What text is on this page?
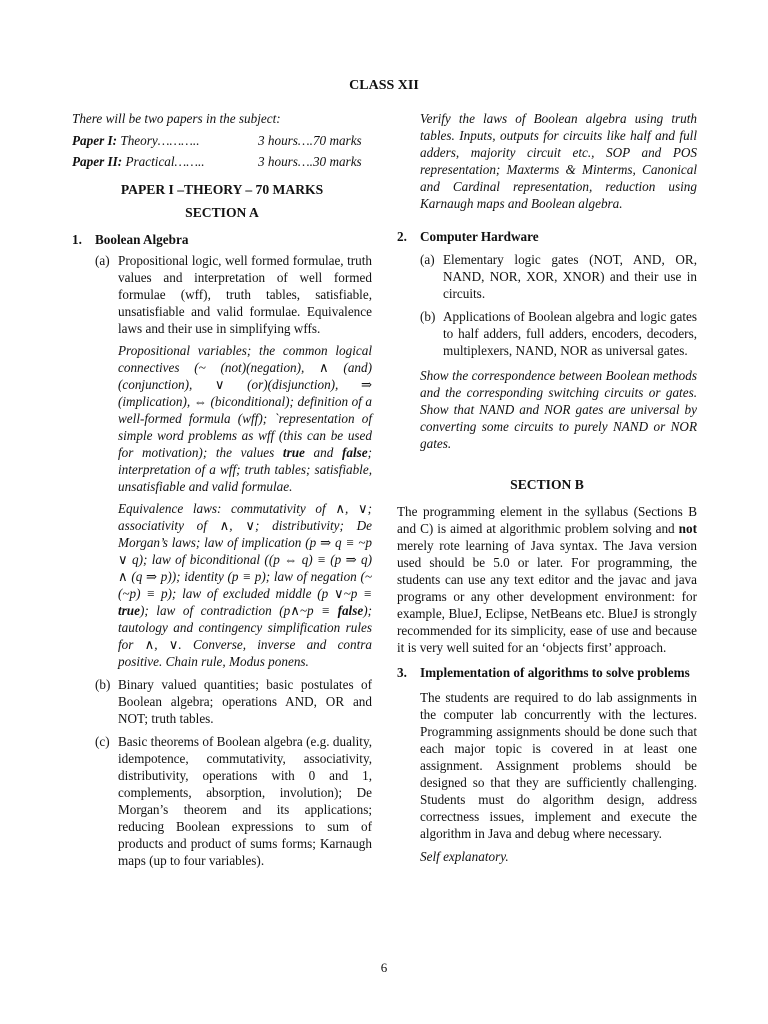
CLASS XII

There will be two papers in the subject:

Paper I: Theory………..	3 hours….70 marks
Paper II: Practical……..	3 hours….30 marks

PAPER I –THEORY – 70 MARKS

SECTION A

1. Boolean Algebra
(a) Propositional logic, well formed formulae, truth values and interpretation of well formed formulae (wff), truth tables, satisfiable, unsatisfiable and valid formulae. Equivalence laws and their use in simplifying wffs.

Propositional variables; the common logical connectives (~ (not)(negation), ∧ (and)(conjunction), ∨ (or)(disjunction), ⇒ (implication), ⇔ (biconditional); definition of a well-formed formula (wff); `representation of simple word problems as wff (this can be used for motivation); the values true and false; interpretation of a wff; truth tables; satisfiable, unsatisfiable and valid formulae.

Equivalence laws: commutativity of ∧, ∨; associativity of ∧, ∨; distributivity; De Morgan’s laws; law of implication (p ⇒ q ≡ ~p ∨ q); law of biconditional ((p ⇔ q) ≡ (p ⇒ q) ∧ (q ⇒ p)); identity (p ≡ p); law of negation (~ (~p) ≡ p); law of excluded middle (p ∨~p ≡ true); law of contradiction (p∧~p ≡ false); tautology and contingency simplification rules for ∧, ∨. Converse, inverse and contra positive. Chain rule, Modus ponens.

(b) Binary valued quantities; basic postulates of Boolean algebra; operations AND, OR and NOT; truth tables.
(c) Basic theorems of Boolean algebra (e.g. duality, idempotence, commutativity, associativity, distributivity, operations with 0 and 1, complements, absorption, involution); De Morgan’s theorem and its applications; reducing Boolean expressions to sum of products and product of sums forms; Karnaugh maps (up to four variables).

Verify the laws of Boolean algebra using truth tables. Inputs, outputs for circuits like half and full adders, majority circuit etc., SOP and POS representation; Maxterms & Minterms, Canonical and Cardinal representation, reduction using Karnaugh maps and Boolean algebra.

2. Computer Hardware
(a) Elementary logic gates (NOT, AND, OR, NAND, NOR, XOR, XNOR) and their use in circuits.
(b) Applications of Boolean algebra and logic gates to half adders, full adders, encoders, decoders, multiplexers, NAND, NOR as universal gates.

Show the correspondence between Boolean methods and the corresponding switching circuits or gates. Show that NAND and NOR gates are universal by converting some circuits to purely NAND or NOR gates.

SECTION B

The programming element in the syllabus (Sections B and C) is aimed at algorithmic problem solving and not merely rote learning of Java syntax. The Java version used should be 5.0 or later. For programming, the students can use any text editor and the javac and java programs or any other development environment: for example, BlueJ, Eclipse, NetBeans etc. BlueJ is strongly recommended for its simplicity, ease of use and because it is very well suited for an ‘objects first’ approach.

3. Implementation of algorithms to solve problems

The students are required to do lab assignments in the computer lab concurrently with the lectures. Programming assignments should be done such that each major topic is covered in at least one assignment. Assignment problems should be designed so that they are sufficiently challenging. Students must do algorithm design, address correctness issues, implement and execute the algorithm in Java and debug where necessary.

Self explanatory.

6
